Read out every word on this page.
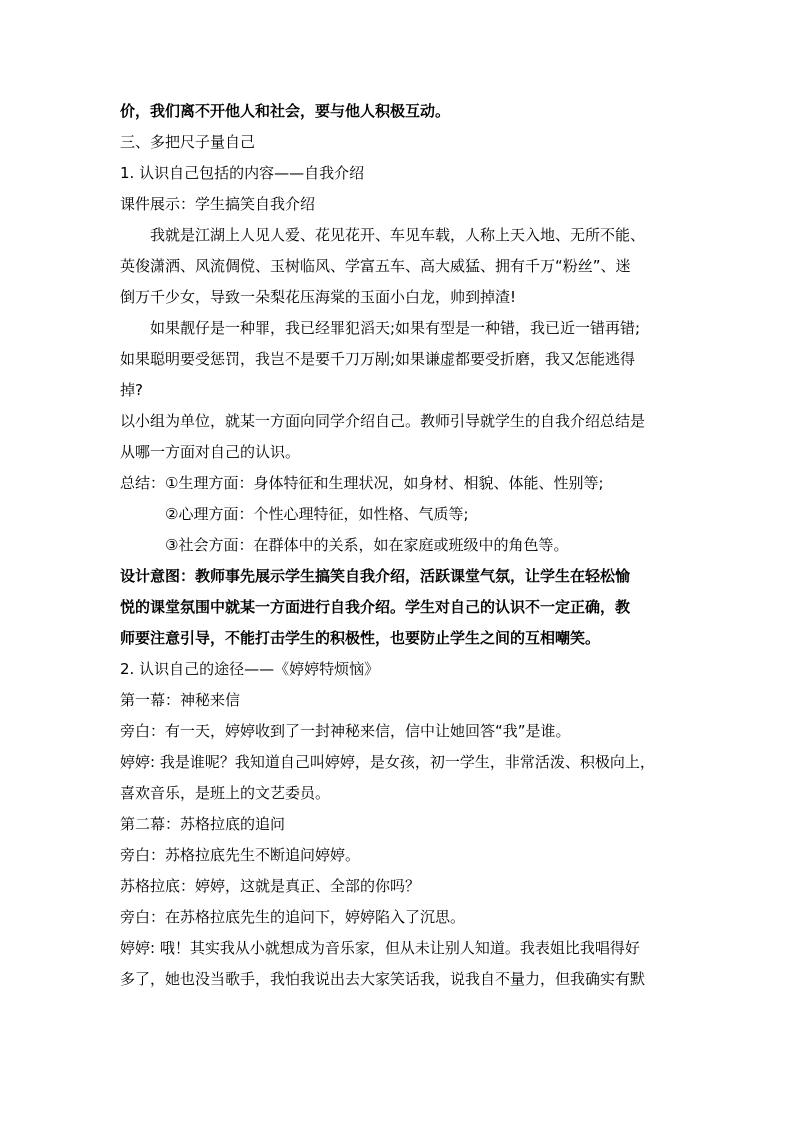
价，我们离不开他人和社会，要与他人积极互动。
三、多把尺子量自己
1. 认识自己包括的内容——自我介绍
课件展示：学生搞笑自我介绍
我就是江湖上人见人爱、花见花开、车见车载，人称上天入地、无所不能、
英俊潇洒、风流倜傥、玉树临风、学富五车、高大威猛、拥有千万“粉丝”、迷
倒万千少女，导致一朵梨花压海棠的玉面小白龙，帅到掉渣!
如果靓仔是一种罪，我已经罪犯滔天;如果有型是一种错，我已近一错再错;
如果聪明要受惩罚，我岂不是要千刀万剐;如果谦虚都要受折磨，我又怎能逃得
掉?
以小组为单位，就某一方面向同学介绍自己。教师引导就学生的自我介绍总结是
从哪一方面对自己的认识。
总结：①生理方面：身体特征和生理状况，如身材、相貌、体能、性别等;
②心理方面：个性心理特征，如性格、气质等;
③社会方面：在群体中的关系，如在家庭或班级中的角色等。
设计意图：教师事先展示学生搞笑自我介绍，活跃课堂气氛，让学生在轻松愉
悦的课堂氛围中就某一方面进行自我介绍。学生对自己的认识不一定正确，教
师要注意引导，不能打击学生的积极性，也要防止学生之间的互相嘲笑。
2. 认识自己的途径——《婷婷特烦恼》
第一幕：神秘来信
旁白：有一天，婷婷收到了一封神秘来信，信中让她回答“我”是谁。
婷婷: 我是谁呢？我知道自己叫婷婷，是女孩，初一学生，非常活泼、积极向上，
喜欢音乐，是班上的文艺委员。
第二幕：苏格拉底的追问
旁白：苏格拉底先生不断追问婷婷。
苏格拉底：婷婷，这就是真正、全部的你吗？
旁白：在苏格拉底先生的追问下，婷婷陷入了沉思。
婷婷: 哦！其实我从小就想成为音乐家，但从未让别人知道。我表姐比我唱得好
多了，她也没当歌手，我怕我说出去大家笑话我，说我自不量力，但我确实有默
